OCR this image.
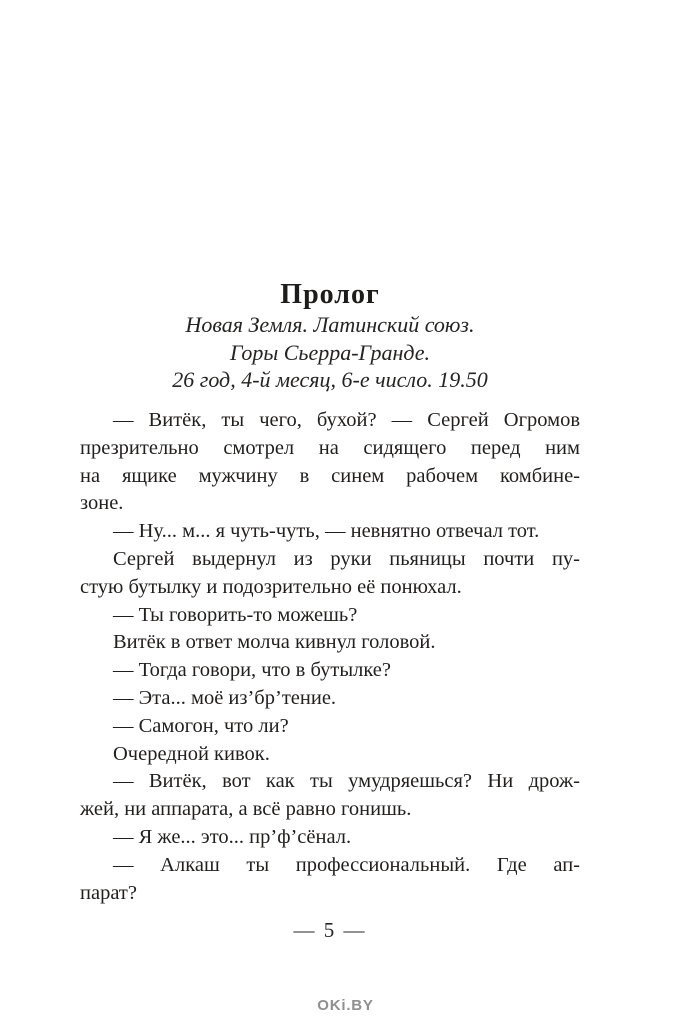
Пролог
Новая Земля. Латинский союз.
Горы Сьерра-Гранде.
26 год, 4-й месяц, 6-е число. 19.50
— Витёк, ты чего, бухой? — Сергей Огромов
презрительно смотрел на сидящего перед ним
на ящике мужчину в синем рабочем комбине-
зоне.
— Ну... м... я чуть-чуть, — невнятно отвечал тот.
Сергей выдернул из руки пьяницы почти пу-
стую бутылку и подозрительно её понюхал.
— Ты говорить-то можешь?
Витёк в ответ молча кивнул головой.
— Тогда говори, что в бутылке?
— Эта... моё из’бр’тение.
— Самогон, что ли?
Очередной кивок.
— Витёк, вот как ты умудряешься? Ни дрож-
жей, ни аппарата, а всё равно гонишь.
— Я же... это... пр’ф’сёнал.
— Алкаш ты профессиональный. Где ап-
парат?
— 5 —
OKi.BY
